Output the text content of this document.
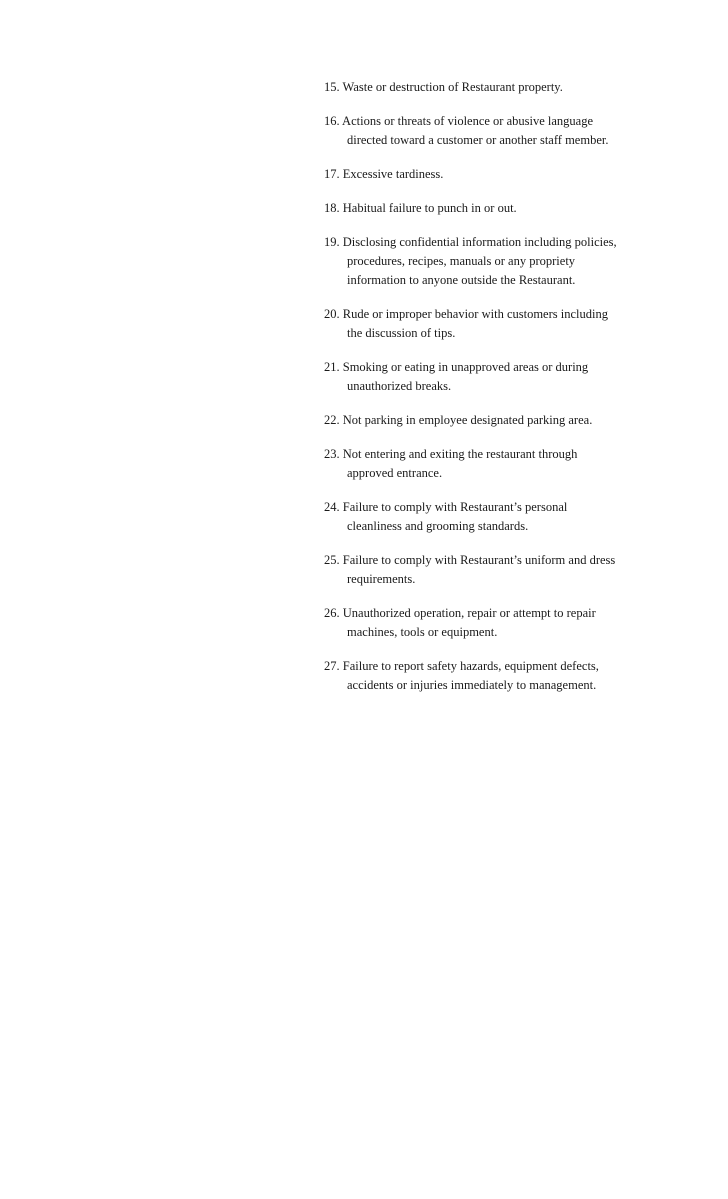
15. Waste or destruction of Restaurant property.
16. Actions or threats of violence or abusive language
directed toward a customer or another staff member.
17. Excessive tardiness.
18. Habitual failure to punch in or out.
19. Disclosing confidential information including policies,
procedures, recipes, manuals or any propriety
information to anyone outside the Restaurant.
20. Rude or improper behavior with customers including
the discussion of tips.
21. Smoking or eating in unapproved areas or during
unauthorized breaks.
22. Not parking in employee designated parking area.
23. Not entering and exiting the restaurant through
approved entrance.
24. Failure to comply with Restaurant’s personal
cleanliness and grooming standards.
25. Failure to comply with Restaurant’s uniform and dress
requirements.
26. Unauthorized operation, repair or attempt to repair
machines, tools or equipment.
27. Failure to report safety hazards, equipment defects,
accidents or injuries immediately to management.
